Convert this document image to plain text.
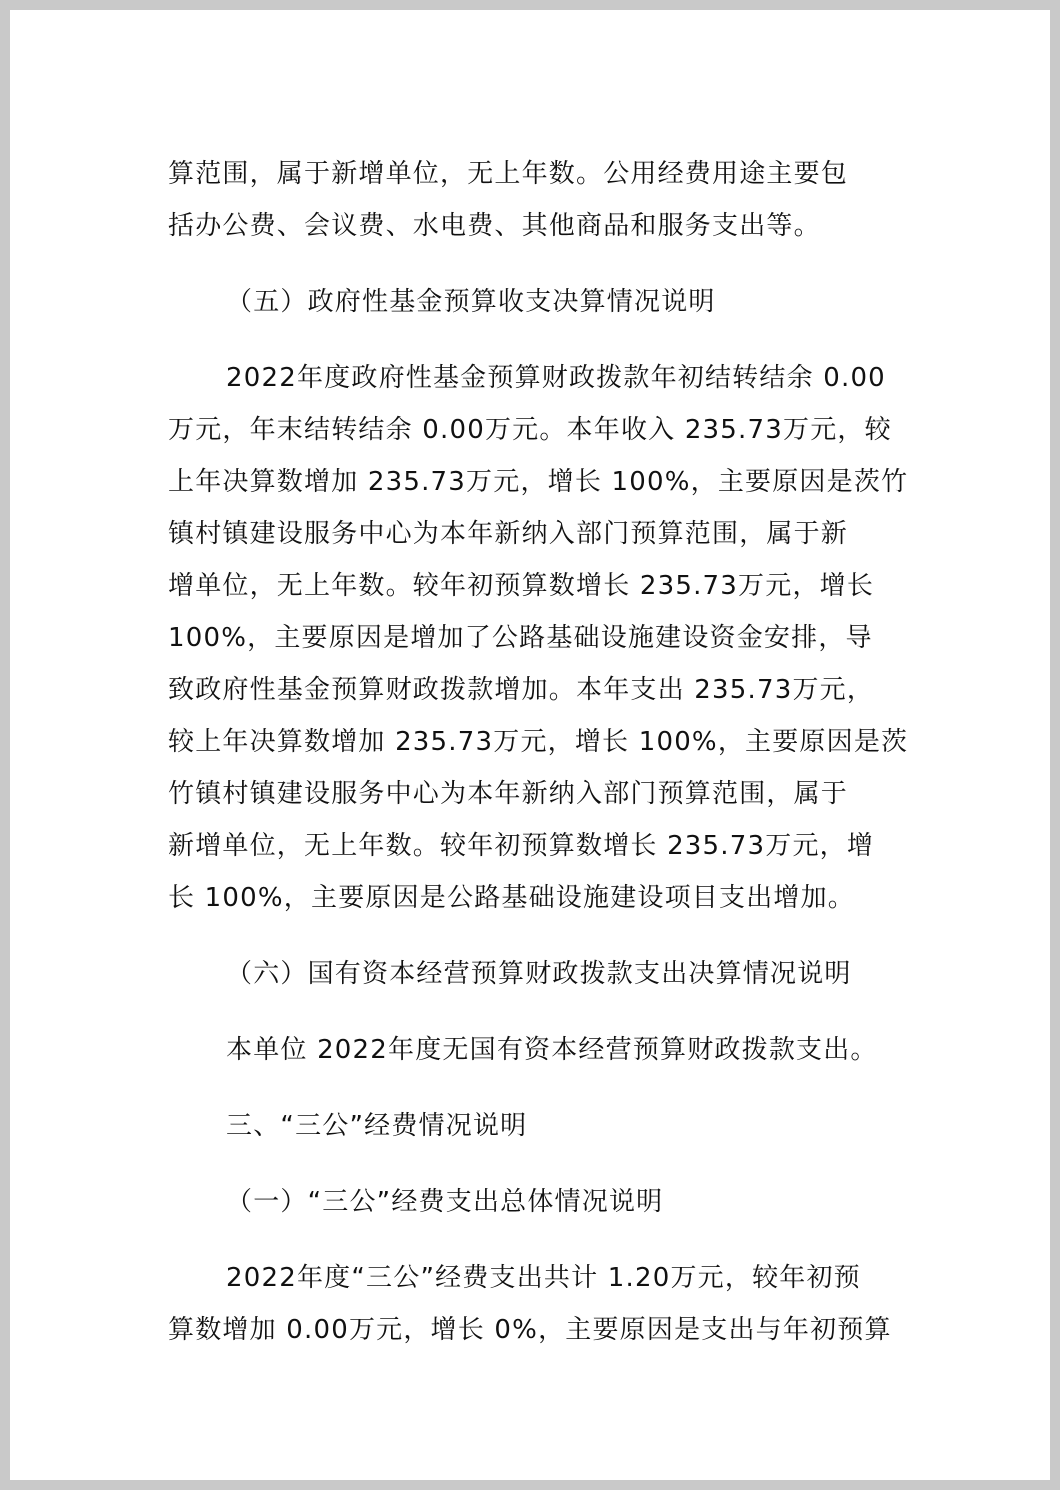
算范围，属于新增单位，无上年数。公用经费用途主要包
括办公费、会议费、水电费、其他商品和服务支出等。
（五）政府性基金预算收支决算情况说明
2022年度政府性基金预算财政拨款年初结转结余 0.00
万元，年末结转结余 0.00万元。本年收入 235.73万元，较
上年决算数增加 235.73万元，增长 100%，主要原因是茨竹
镇村镇建设服务中心为本年新纳入部门预算范围，属于新
增单位，无上年数。较年初预算数增长 235.73万元，增长
100%，主要原因是增加了公路基础设施建设资金安排，导
致政府性基金预算财政拨款增加。本年支出 235.73万元，
较上年决算数增加 235.73万元，增长 100%，主要原因是茨
竹镇村镇建设服务中心为本年新纳入部门预算范围，属于
新增单位，无上年数。较年初预算数增长 235.73万元，增
长 100%，主要原因是公路基础设施建设项目支出增加。
（六）国有资本经营预算财政拨款支出决算情况说明
本单位 2022年度无国有资本经营预算财政拨款支出。
三、“三公”经费情况说明
（一）“三公”经费支出总体情况说明
2022年度“三公”经费支出共计 1.20万元，较年初预
算数增加 0.00万元，增长 0%，主要原因是支出与年初预算
